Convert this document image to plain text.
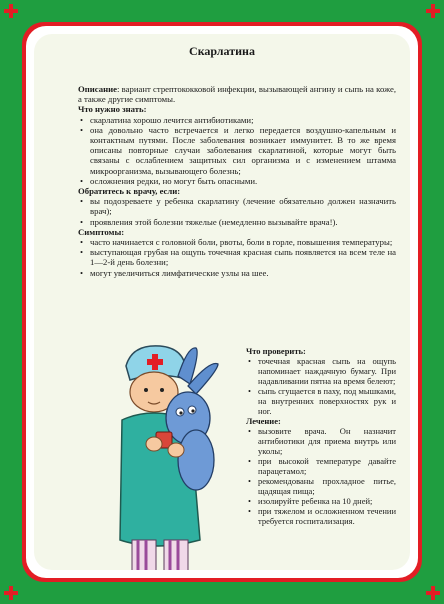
Скарлатина

Описание: вариант стрептококковой инфекции, вызывающей ангину и сыпь на коже, а также другие симптомы.

Что нужно знать:

• скарлатина хорошо лечится антибиотиками;
• она довольно часто встречается и легко передается воздушно-капельным и контактным путями. После заболевания возникает иммунитет. В то же время описаны повторные случаи заболевания скарлатиной, которые могут быть связаны с ослаблением защитных сил организма и с изменением штамма микроорганизма, вызывающего болезнь;
• осложнения редки, но могут быть опасными.

Обратитесь к врачу, если:

• вы подозреваете у ребенка скарлатину (лечение обязательно должен назначить врач);
• проявления этой болезни тяжелые (немедленно вызывайте врача!).

Симптомы:

• часто начинается с головной боли, рвоты, боли в горле, повышения температуры;
• выступающая грубая на ощупь точечная красная сыпь появляется на всем теле на 1—2-й день болезни;
• могут увеличиться лимфатические узлы на шее.

Что проверить:

• точечная красная сыпь на ощупь напоминает наждачную бумагу. При надавливании пятна на время белеют;
• сыпь сгущается в паху, под мышками, на внутренних поверхностях рук и ног.

Лечение:

• вызовите врача. Он назначит антибиотики для приема внутрь или уколы;
• при высокой температуре давайте парацетамол;
• рекомендованы прохладное питье, щадящая пища;
• изолируйте ребенка на 10 дней;
• при тяжелом и осложненном течении требуется госпитализация.
